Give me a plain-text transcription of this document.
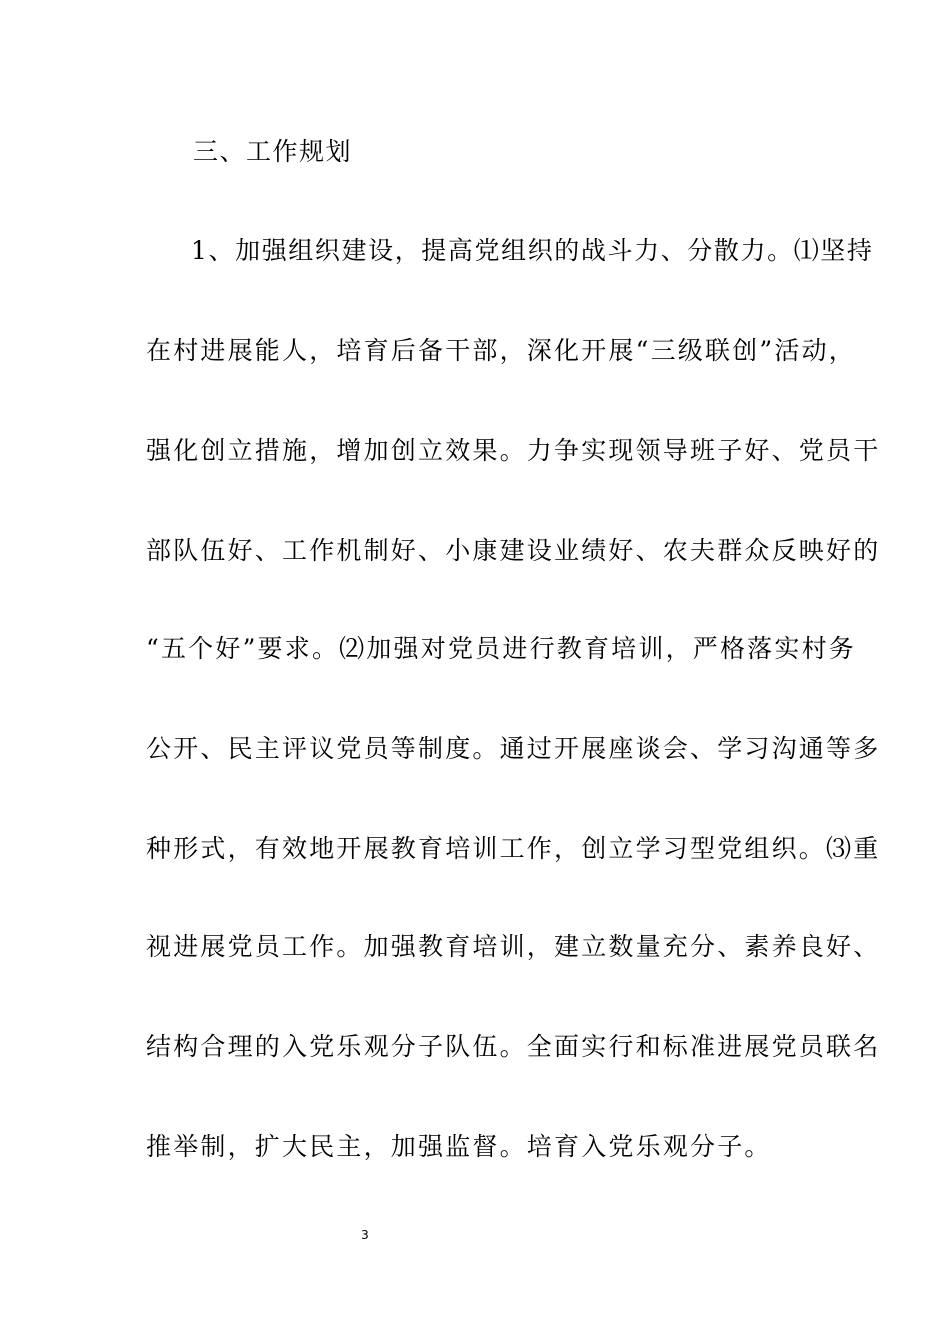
三、工作规划
1、加强组织建设，提高党组织的战斗力、分散力。⑴坚持
在村进展能人，培育后备干部，深化开展“三级联创”活动，
强化创立措施，增加创立效果。力争实现领导班子好、党员干
部队伍好、工作机制好、小康建设业绩好、农夫群众反映好的
“五个好”要求。⑵加强对党员进行教育培训，严格落实村务
公开、民主评议党员等制度。通过开展座谈会、学习沟通等多
种形式，有效地开展教育培训工作，创立学习型党组织。⑶重
视进展党员工作。加强教育培训，建立数量充分、素养良好、
结构合理的入党乐观分子队伍。全面实行和标准进展党员联名
推举制，扩大民主，加强监督。培育入党乐观分子。
3
